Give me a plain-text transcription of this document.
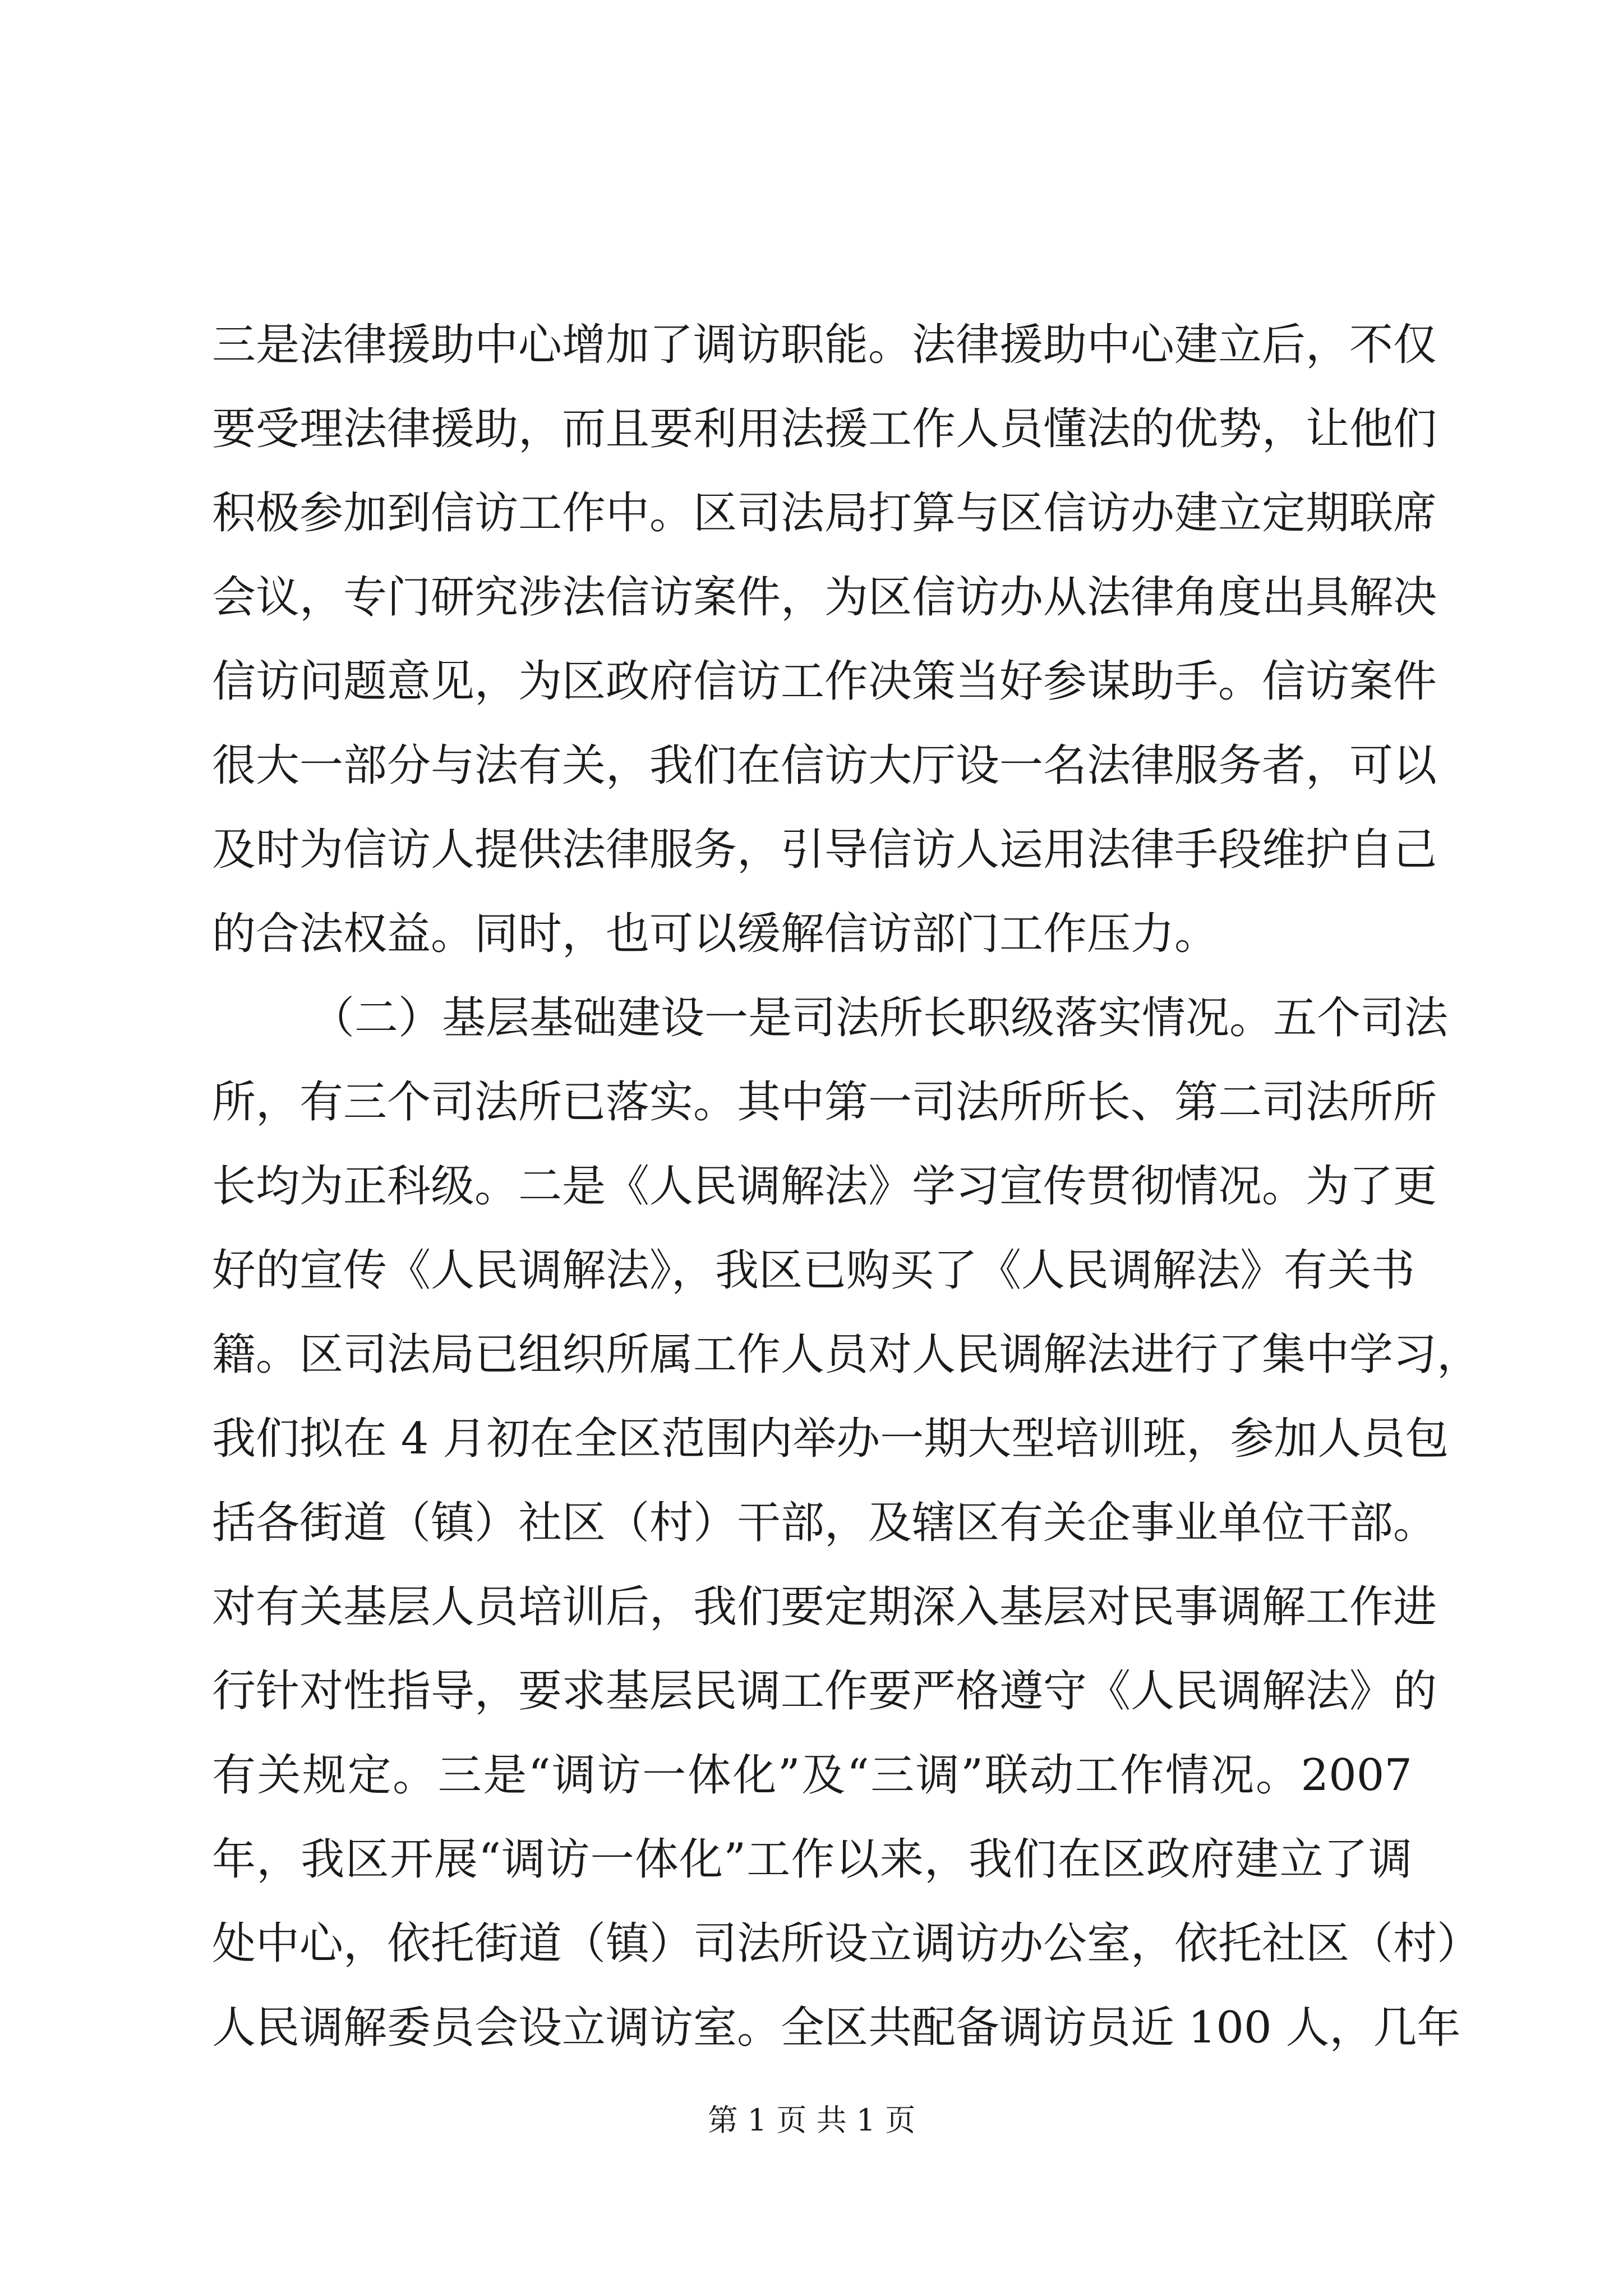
三是法律援助中心增加了调访职能。法律援助中心建立后，不仅
要受理法律援助，而且要利用法援工作人员懂法的优势，让他们
积极参加到信访工作中。区司法局打算与区信访办建立定期联席
会议，专门研究涉法信访案件，为区信访办从法律角度出具解决
信访问题意见，为区政府信访工作决策当好参谋助手。信访案件
很大一部分与法有关，我们在信访大厅设一名法律服务者，可以
及时为信访人提供法律服务，引导信访人运用法律手段维护自己
的合法权益。同时，也可以缓解信访部门工作压力。
（二）基层基础建设一是司法所长职级落实情况。五个司法
所，有三个司法所已落实。其中第一司法所所长、第二司法所所
长均为正科级。二是《人民调解法》学习宣传贯彻情况。为了更
好的宣传《人民调解法》，我区已购买了《人民调解法》有关书
籍。区司法局已组织所属工作人员对人民调解法进行了集中学习，
我们拟在 4 月初在全区范围内举办一期大型培训班，参加人员包
括各街道（镇）社区（村）干部，及辖区有关企事业单位干部。
对有关基层人员培训后，我们要定期深入基层对民事调解工作进
行针对性指导，要求基层民调工作要严格遵守《人民调解法》的
有关规定。三是“调访一体化”及“三调”联动工作情况。2007
年，我区开展“调访一体化”工作以来，我们在区政府建立了调
处中心，依托街道（镇）司法所设立调访办公室，依托社区（村）
人民调解委员会设立调访室。全区共配备调访员近 100 人，几年
第 1 页 共 1 页
